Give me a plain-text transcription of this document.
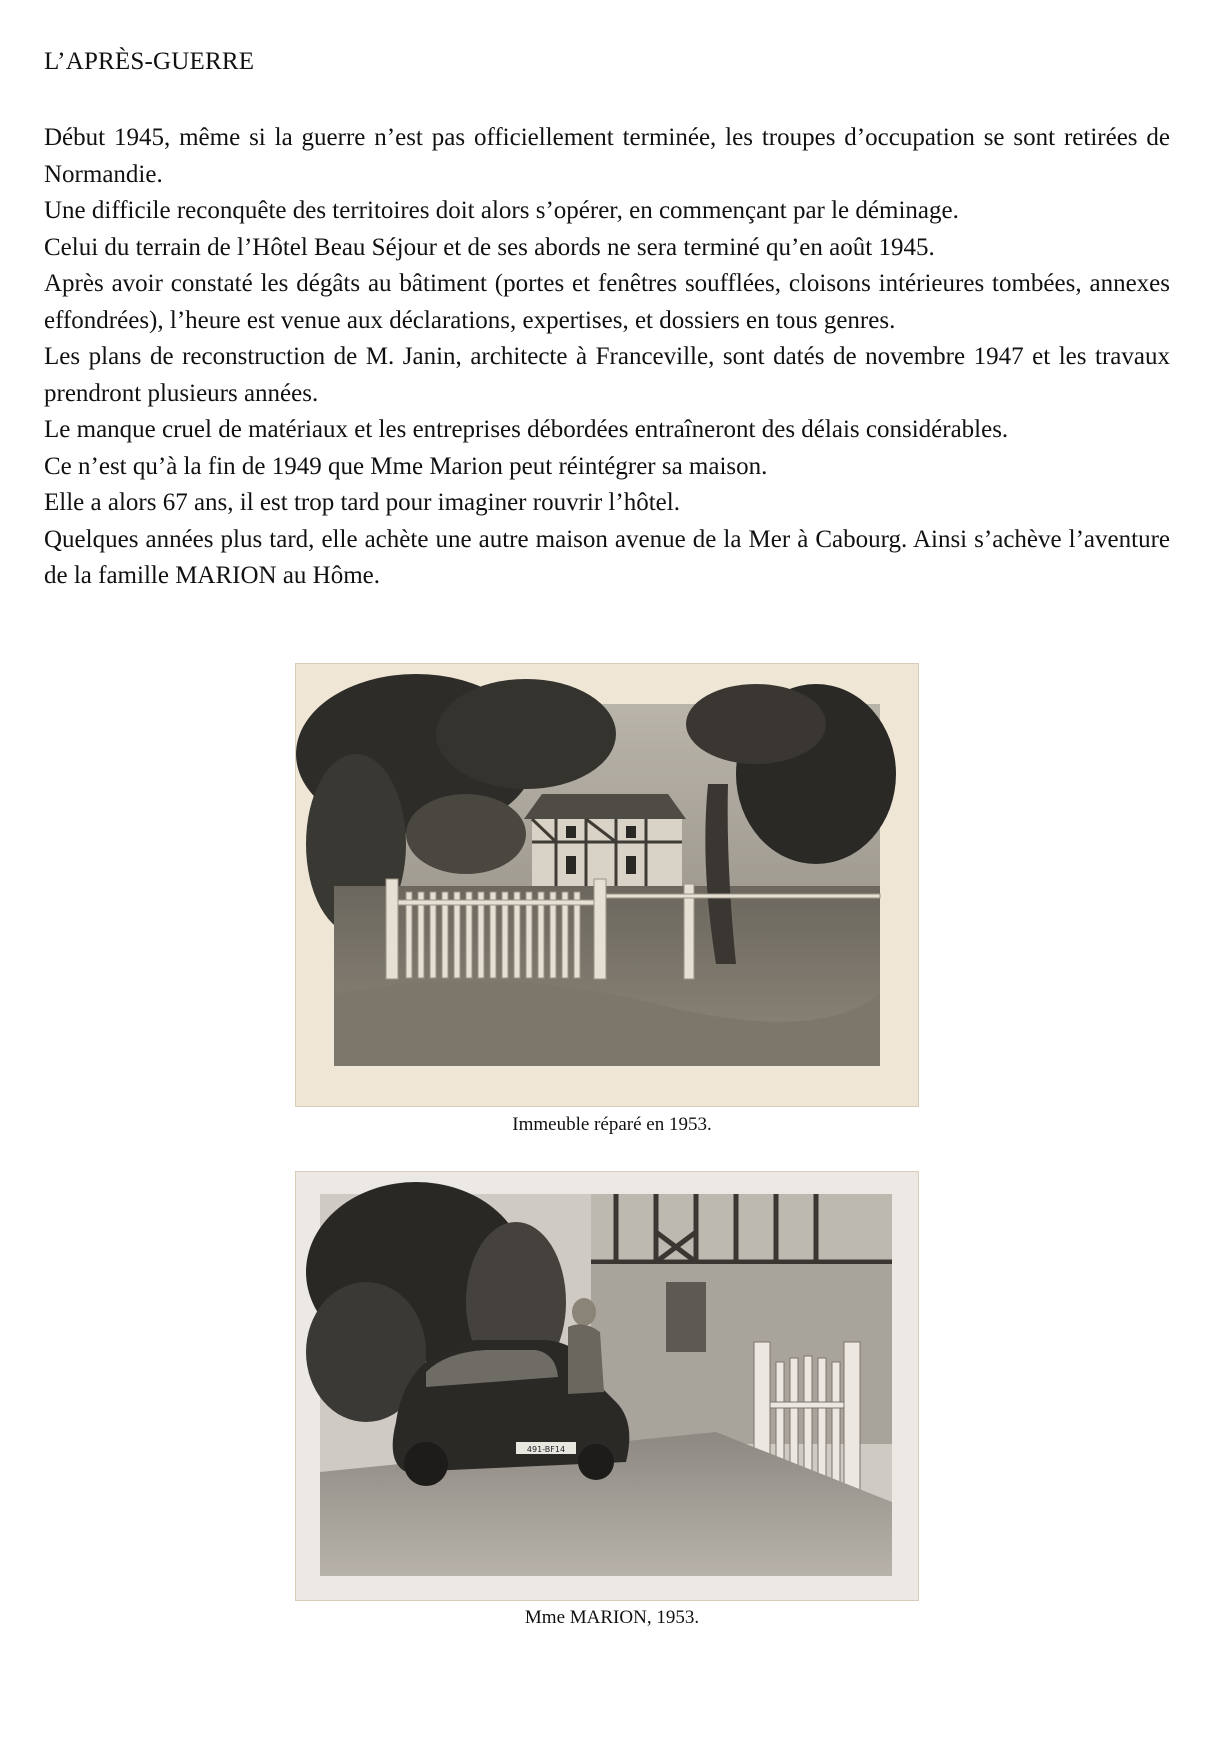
L’APRÈS-GUERRE

Début 1945, même si la guerre n’est pas officiellement terminée, les troupes d’occupation se sont retirées de Normandie.

Une difficile reconquête des territoires doit alors s’opérer, en commençant par le déminage.

Celui du terrain de l’Hôtel Beau Séjour et de ses abords ne sera terminé qu’en août 1945.

Après avoir constaté les dégâts au bâtiment (portes et fenêtres soufflées, cloisons intérieures tombées, annexes effondrées), l’heure est venue aux déclarations, expertises, et dossiers en tous genres.

Les plans de reconstruction de M. Janin, architecte à Franceville, sont datés de novembre 1947 et les travaux prendront plusieurs années.

Le manque cruel de matériaux et les entreprises débordées entraîneront des délais considérables.

Ce n’est qu’à la fin de 1949 que Mme Marion peut réintégrer sa maison.

Elle a alors 67 ans, il est trop tard pour imaginer rouvrir l’hôtel.

Quelques années plus tard, elle achète une autre maison avenue de la Mer à Cabourg. Ainsi s’achève l’aventure de la famille MARION au Hôme.

Immeuble réparé en 1953.
491-BF14
Mme MARION, 1953.
